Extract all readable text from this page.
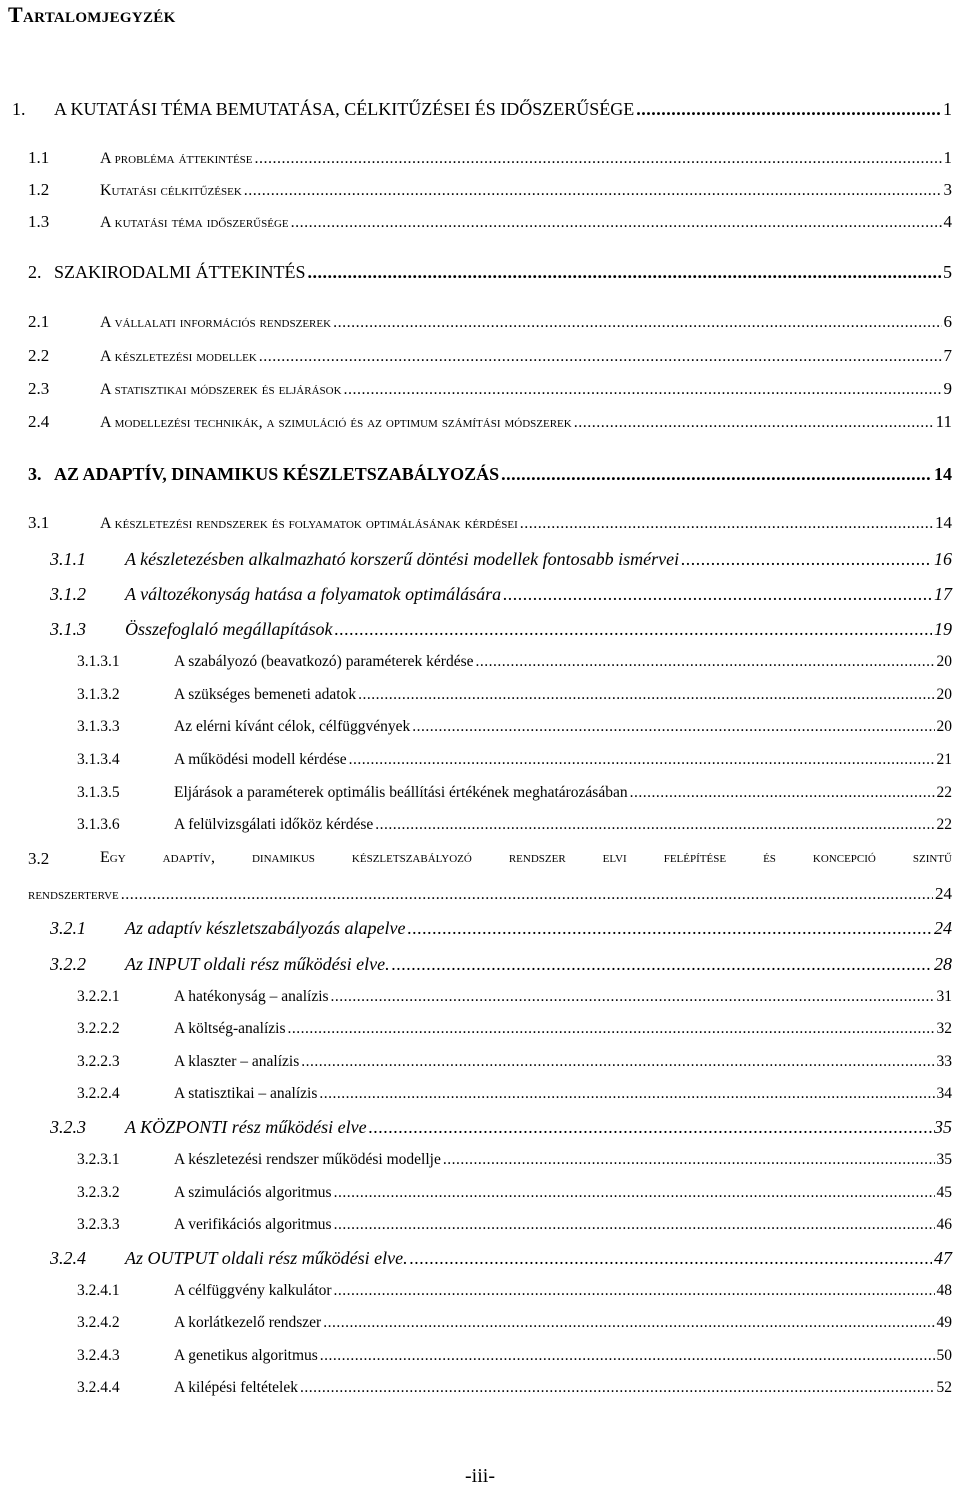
Tartalomjegyzék
1. A KUTATÁSI TÉMA BEMUTATÁSA, CÉLKITŰZÉSEI ÉS IDŐSZERŰSÉGE .....	1
1.1	A probléma áttekintése .....	1
1.2	Kutatási célkitűzések .....	3
1.3	A kutatási téma időszerűsége .....	4
2. SZAKIRODALMI ÁTTEKINTÉS .....	5
2.1	A vállalati információs rendszerek .....	6
2.2	A készletezési modellek .....	7
2.3	A statisztikai módszerek és eljárások .....	9
2.4	A modellezési technikák, a szimuláció és az optimum számítási módszerek .....	11
3. AZ ADAPTÍV, DINAMIKUS KÉSZLETSZABÁLYOZÁS .....	14
3.1	A készletezési rendszerek és folyamatok optimálásának kérdései .....	14
3.1.1 A készletezésben alkalmazható korszerű döntési modellek fontosabb ismérvei .....	16
3.1.2 A változékonyság hatása a folyamatok optimálására .....	17
3.1.3 Összefoglaló megállapítások .....	19
3.1.3.1	A szabályozó (beavatkozó) paraméterek kérdése .....	20
3.1.3.2	A szükséges bemeneti adatok .....	20
3.1.3.3	Az elérni kívánt célok, célfüggvények .....	20
3.1.3.4	A működési modell kérdése .....	21
3.1.3.5	Eljárások a paraméterek optimális beállítási értékének meghatározásában .....	22
3.1.3.6	A felülvizsgálati időköz kérdése .....	22
3.2	Egy adaptív, dinamikus készletszabályozó rendszer elvi felépítése és koncepció szintű
rendszerterve .....	24
3.2.1 Az adaptív készletszabályozás alapelve .....	24
3.2.2 Az INPUT oldali rész működési elve. .....	28
3.2.2.1	A hatékonyság – analízis .....	31
3.2.2.2	A költség-analízis .....	32
3.2.2.3	A klaszter – analízis .....	33
3.2.2.4	A statisztikai – analízis .....	34
3.2.3 A KÖZPONTI rész működési elve .....	35
3.2.3.1	A készletezési rendszer működési modellje .....	35
3.2.3.2	A szimulációs algoritmus .....	45
3.2.3.3	A verifikációs algoritmus .....	46
3.2.4 Az OUTPUT oldali rész működési elve. .....	47
3.2.4.1	A célfüggvény kalkulátor .....	48
3.2.4.2	A korlátkezelő rendszer .....	49
3.2.4.3	A genetikus algoritmus .....	50
3.2.4.4	A kilépési feltételek .....	52
-iii-
